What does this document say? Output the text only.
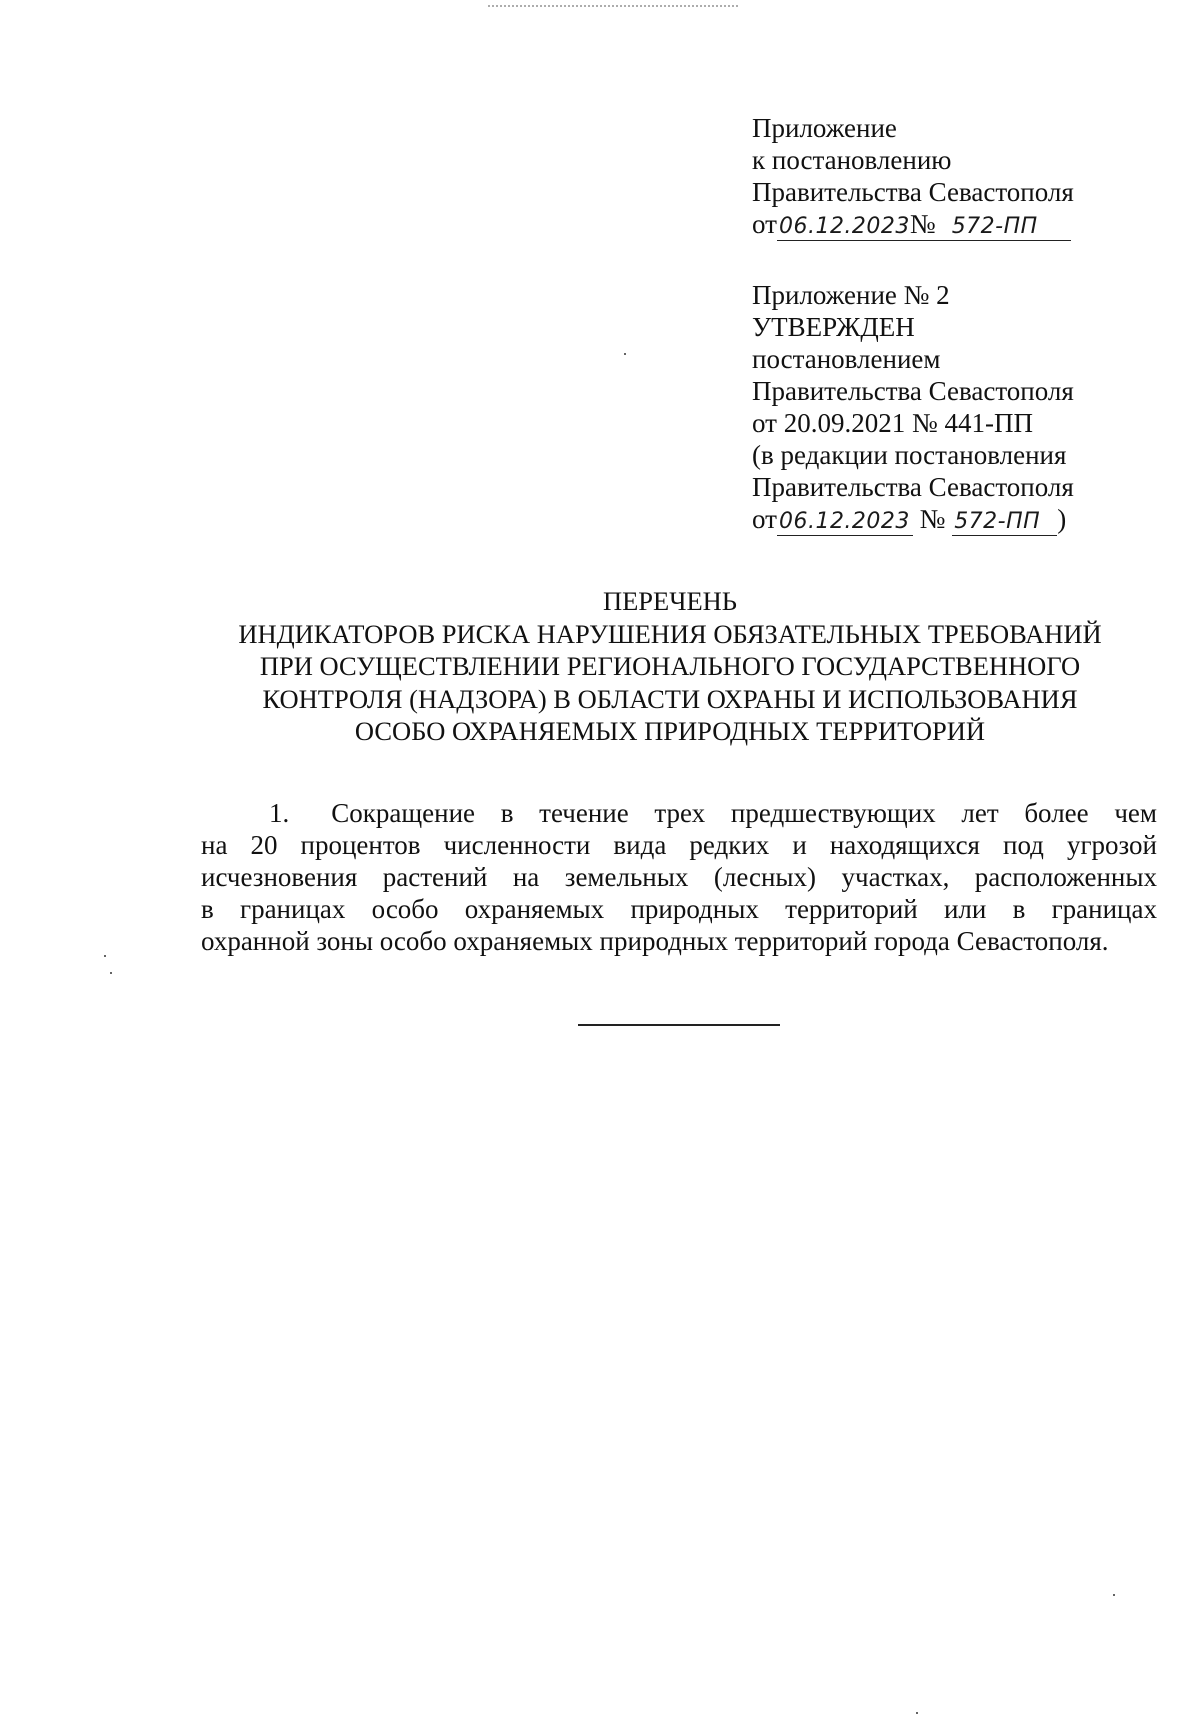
Приложение
к постановлению
Правительства Севастополя
от06.12.2023№ 572-ПП
Приложение № 2
УТВЕРЖДЕН
постановлением
Правительства Севастополя
от 20.09.2021 № 441-ПП
(в редакции постановления
Правительства Севастополя
от06.12.2023 № 572-ПП )
ПЕРЕЧЕНЬ
ИНДИКАТОРОВ РИСКА НАРУШЕНИЯ ОБЯЗАТЕЛЬНЫХ ТРЕБОВАНИЙ
ПРИ ОСУЩЕСТВЛЕНИИ РЕГИОНАЛЬНОГО ГОСУДАРСТВЕННОГО
КОНТРОЛЯ (НАДЗОРА) В ОБЛАСТИ ОХРАНЫ И ИСПОЛЬЗОВАНИЯ
ОСОБО ОХРАНЯЕМЫХ ПРИРОДНЫХ ТЕРРИТОРИЙ
1. Сокращение в течение трех предшествующих лет более чем
на 20 процентов численности вида редких и находящихся под угрозой
исчезновения растений на земельных (лесных) участках, расположенных
в границах особо охраняемых природных территорий или в границах
охранной зоны особо охраняемых природных территорий города Севастополя.
